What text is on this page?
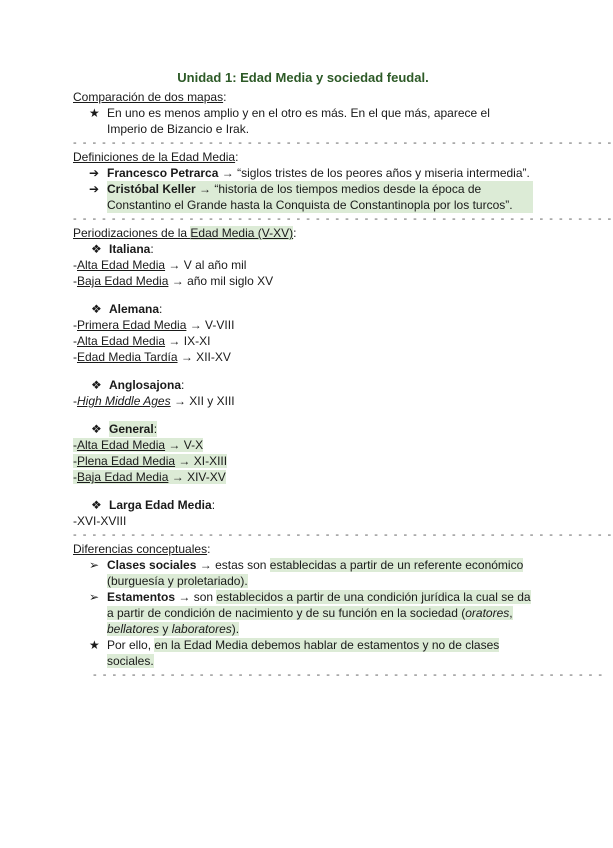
Unidad 1: Edad Media y sociedad feudal.
Comparación de dos mapas:
★ En uno es menos amplio y en el otro es más. En el que más, aparece el Imperio de Bizancio e Irak.
- - - - - - - - - - - - - - - - - - - - - - - - - - - - - - - - - - - - - - - - - - - - - - - - - - - - - - - -
Definiciones de la Edad Media:
➔ Francesco Petrarca → “siglos tristes de los peores años y miseria intermedia”.
➔ Cristóbal Keller → “historia de los tiempos medios desde la época de Constantino el Grande hasta la Conquista de Constantinopla por los turcos”.
- - - - - - - - - - - - - - - - - - - - - - - - - - - - - - - - - - - - - - - - - - - - - - - - - - - - - - - -
Periodizaciones de la Edad Media (V-XV):
❖ Italiana:
-Alta Edad Media → V al año mil
-Baja Edad Media → año mil siglo XV
❖ Alemana:
-Primera Edad Media → V-VIII
-Alta Edad Media → IX-XI
-Edad Media Tardía → XII-XV
❖ Anglosajona:
-High Middle Ages → XII y XIII
❖ General:
-Alta Edad Media → V-X
-Plena Edad Media → XI-XIII
-Baja Edad Media → XIV-XV
❖ Larga Edad Media:
-XVI-XVIII
- - - - - - - - - - - - - - - - - - - - - - - - - - - - - - - - - - - - - - - - - - - - - - - - - - - - - - - -
Diferencias conceptuales:
➢ Clases sociales → estas son establecidas a partir de un referente económico (burguesía y proletariado).
➢ Estamentos → son establecidos a partir de una condición jurídica la cual se da a partir de condición de nacimiento y de su función en la sociedad (oratores, bellatores y laboratores).
★ Por ello, en la Edad Media debemos hablar de estamentos y no de clases sociales.
- - - - - - - - - - - - - - - - - - - - - - - - - - - - - - - - - - - - - - - - - - - - - - - - - - - - -
